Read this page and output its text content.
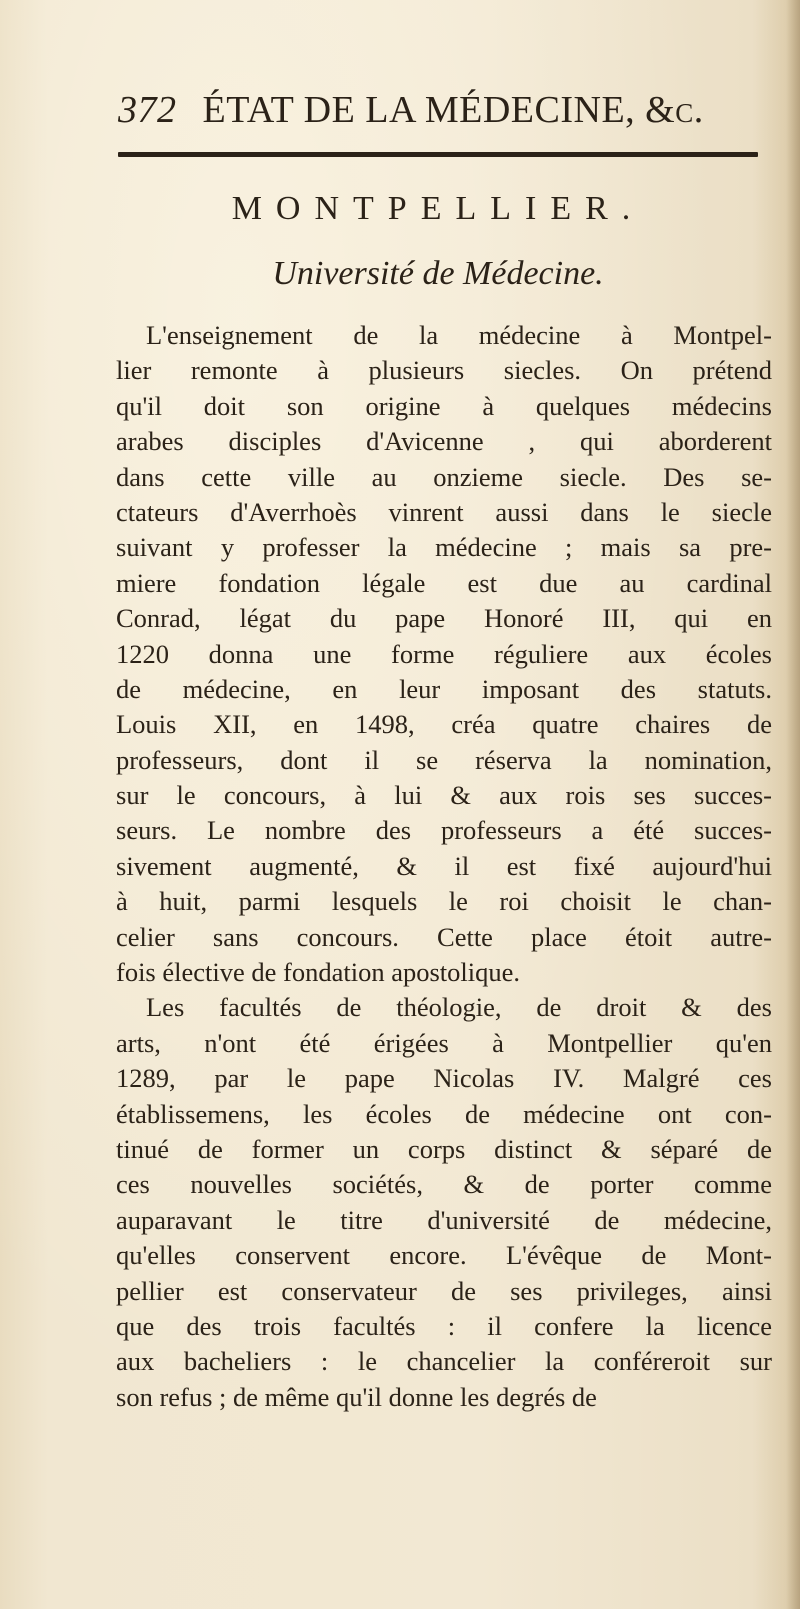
372 ÉTAT DE LA MÉDECINE, &c.
MONTPELLIER.
Université de Médecine.
L'enseignement de la médecine à Montpel-
lier remonte à plusieurs siecles. On prétend
qu'il doit son origine à quelques médecins
arabes disciples d'Avicenne , qui aborderent
dans cette ville au onzieme siecle. Des se-
ctateurs d'Averrhoès vinrent aussi dans le siecle
suivant y professer la médecine ; mais sa pre-
miere fondation légale est due au cardinal
Conrad, légat du pape Honoré III, qui en
1220 donna une forme réguliere aux écoles
de médecine, en leur imposant des statuts.
Louis XII, en 1498, créa quatre chaires de
professeurs, dont il se réserva la nomination,
sur le concours, à lui & aux rois ses succes-
seurs. Le nombre des professeurs a été succes-
sivement augmenté, & il est fixé aujourd'hui
à huit, parmi lesquels le roi choisit le chan-
celier sans concours. Cette place étoit autre-
fois élective de fondation apostolique.
Les facultés de théologie, de droit & des
arts, n'ont été érigées à Montpellier qu'en
1289, par le pape Nicolas IV. Malgré ces
établissemens, les écoles de médecine ont con-
tinué de former un corps distinct & séparé de
ces nouvelles sociétés, & de porter comme
auparavant le titre d'université de médecine,
qu'elles conservent encore. L'évêque de Mont-
pellier est conservateur de ses privileges, ainsi
que des trois facultés : il confere la licence
aux bacheliers : le chancelier la conféreroit sur
son refus ; de même qu'il donne les degrés de
